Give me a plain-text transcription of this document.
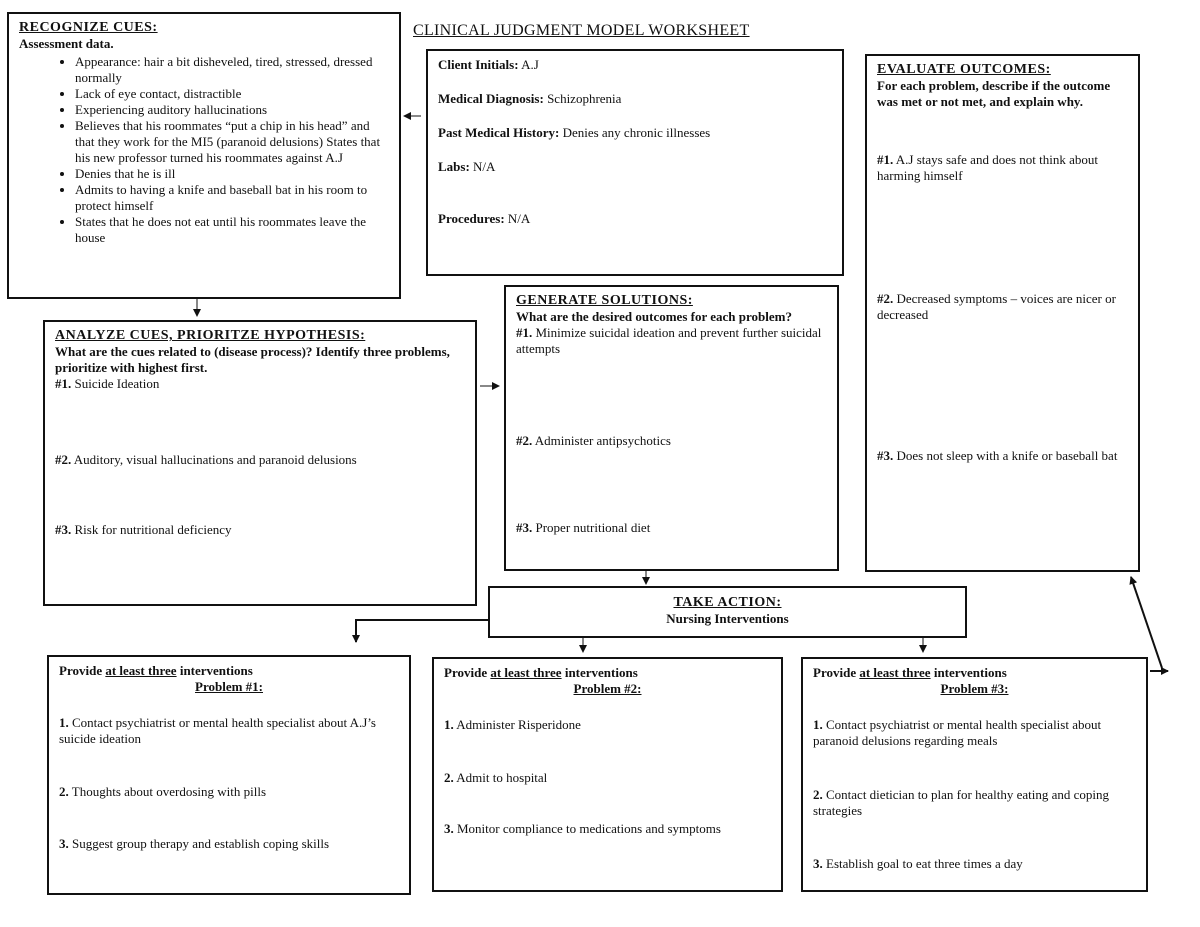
CLINICAL JUDGMENT MODEL WORKSHEET
RECOGNIZE CUES:
Assessment data.
• Appearance: hair a bit disheveled, tired, stressed, dressed normally
• Lack of eye contact, distractible
• Experiencing auditory hallucinations
• Believes that his roommates “put a chip in his head” and that they work for the MI5 (paranoid delusions) States that his new professor turned his roommates against A.J
• Denies that he is ill
• Admits to having a knife and baseball bat in his room to protect himself
• States that he does not eat until his roommates leave the house
Client Initials: A.J
Medical Diagnosis: Schizophrenia
Past Medical History: Denies any chronic illnesses
Labs: N/A
Procedures: N/A
EVALUATE OUTCOMES:
For each problem, describe if the outcome was met or not met, and explain why.
#1. A.J stays safe and does not think about harming himself
#2. Decreased symptoms – voices are nicer or decreased
#3. Does not sleep with a knife or baseball bat
ANALYZE CUES, PRIORITZE HYPOTHESIS:
What are the cues related to (disease process)? Identify three problems, prioritize with highest first.
#1. Suicide Ideation
#2. Auditory, visual hallucinations and paranoid delusions
#3. Risk for nutritional deficiency
GENERATE SOLUTIONS:
What are the desired outcomes for each problem?
#1. Minimize suicidal ideation and prevent further suicidal attempts
#2. Administer antipsychotics
#3. Proper nutritional diet
TAKE ACTION:
Nursing Interventions
Provide at least three interventions
Problem #1:
1. Contact psychiatrist or mental health specialist about A.J’s suicide ideation
2. Thoughts about overdosing with pills
3. Suggest group therapy and establish coping skills
Provide at least three interventions
Problem #2:
1. Administer Risperidone
2. Admit to hospital
3. Monitor compliance to medications and symptoms
Provide at least three interventions
Problem #3:
1. Contact psychiatrist or mental health specialist about paranoid delusions regarding meals
2. Contact dietician to plan for healthy eating and coping strategies
3. Establish goal to eat three times a day
